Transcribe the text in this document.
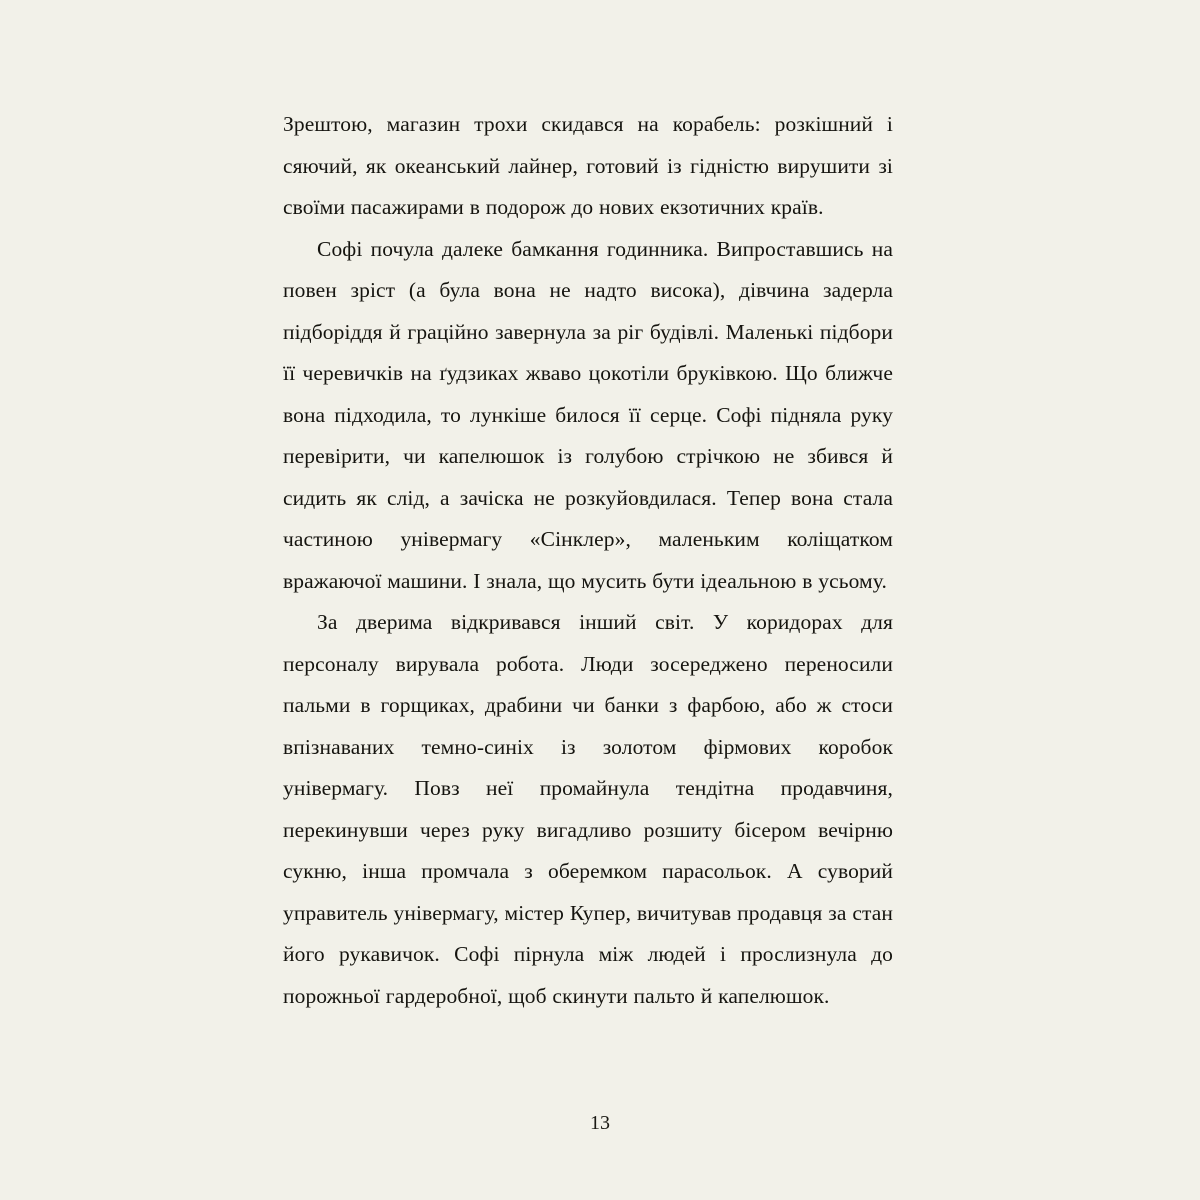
Зрештою, магазин трохи скидався на корабель: розкішний і сяючий, як океанський лайнер, готовий із гідністю вирушити зі своїми пасажирами в подорож до нових екзотичних країв.

Софі почула далеке бамкання годинника. Випроставшись на повен зріст (а була вона не надто висока), дівчина задерла підборіддя й граційно завернула за ріг будівлі. Маленькі підбори її черевичків на ґудзиках жваво цокотіли бруківкою. Що ближче вона підходила, то лункіше билося її серце. Софі підняла руку перевірити, чи капелюшок із голубою стрічкою не збився й сидить як слід, а зачіска не розкуйовдилася. Тепер вона стала частиною універмагу «Сінклер», маленьким коліщатком вражаючої машини. І знала, що мусить бути ідеальною в усьому.

За дверима відкривався інший світ. У коридорах для персоналу вирувала робота. Люди зосереджено переносили пальми в горщиках, драбини чи банки з фарбою, або ж стоси впізнаваних темно-синіх із золотом фірмових коробок універмагу. Повз неї промайнула тендітна продавчиня, перекинувши через руку вигадливо розшиту бісером вечірню сукню, інша промчала з оберемком парасольок. А суворий управитель універмагу, містер Купер, вичитував продавця за стан його рукавичок. Софі пірнула між людей і прослизнула до порожньої гардеробної, щоб скинути пальто й капелюшок.

13
